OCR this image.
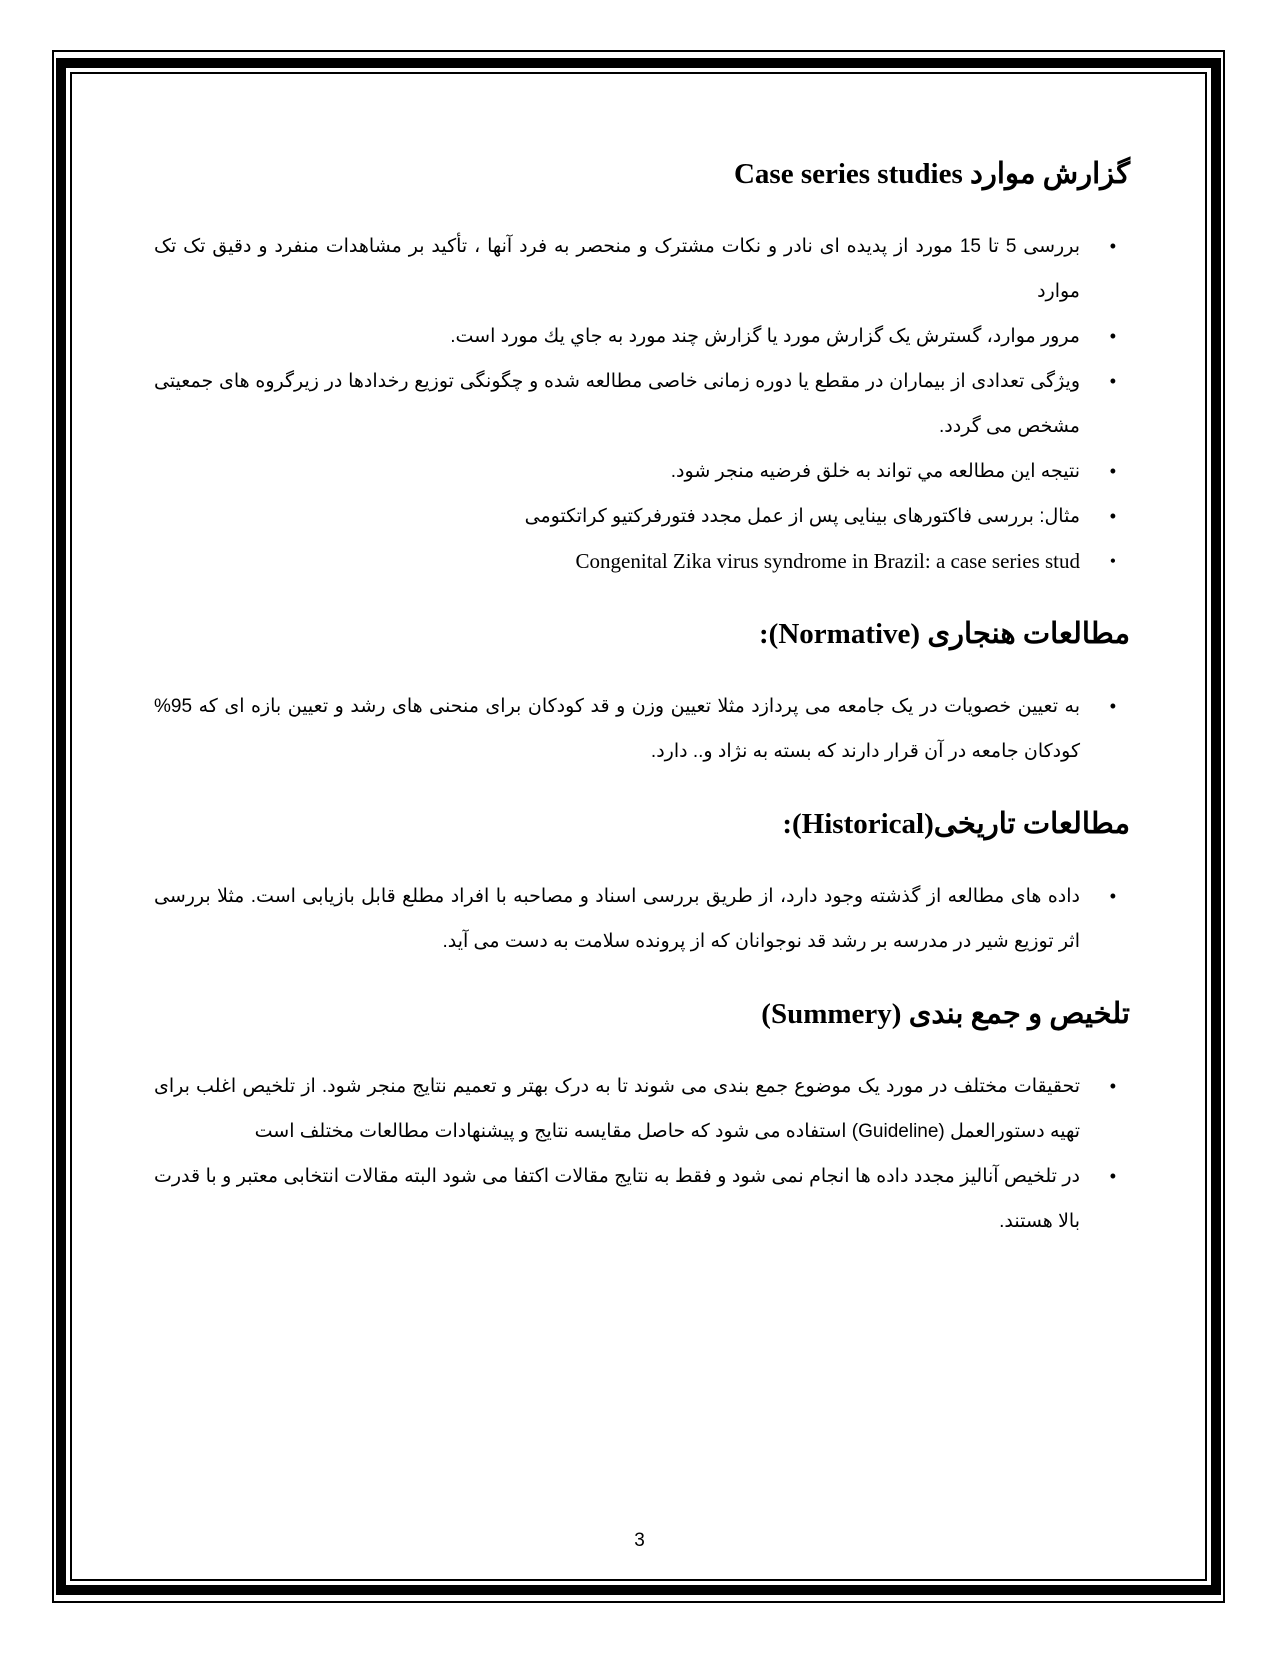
گزارش موارد Case series studies
•
بررسی 5 تا 15 مورد از پدیده ای نادر و نکات مشترک و منحصر به فرد آنها ، تأکید بر مشاهدات منفرد و دقیق تک تک موارد
•
مرور موارد، گسترش یک گزارش مورد یا گزارش چند مورد به جاي يك مورد است.
•
ویژگی تعدادی از بیماران در مقطع یا دوره زمانی خاصی مطالعه شده و چگونگی توزیع رخدادها در زیرگروه های جمعیتی مشخص می گردد.
•
نتيجه اين مطالعه مي تواند به خلق فرضیه منجر شود.
•
مثال: بررسی فاکتورهای بینایی پس از عمل مجدد فتورفرکتیو کراتکتومی
•
Congenital Zika virus syndrome in Brazil: a case series stud
مطالعات هنجاری (Normative):
•
به تعیین خصویات در یک جامعه می پردازد مثلا تعیین وزن و قد کودکان برای منحنی های رشد و تعیین بازه ای که 95% کودکان جامعه در آن قرار دارند که بسته به نژاد و.. دارد.
مطالعات تاریخی(Historical):
•
داده های مطالعه از گذشته وجود دارد، از طریق بررسی اسناد و مصاحبه با افراد مطلع قابل بازیابی است. مثلا بررسی اثر توزیع شیر در مدرسه بر رشد قد نوجوانان که از پرونده سلامت به دست می آید.
تلخیص و جمع بندی (Summery)
•
تحقیقات مختلف در مورد یک موضوع جمع بندی می شوند تا به درک بهتر و تعمیم نتایج منجر شود. از تلخیص اغلب برای تهیه دستورالعمل (Guideline) استفاده می شود که حاصل مقایسه نتایج و پیشنهادات مطالعات مختلف است
•
در تلخیص آنالیز مجدد داده ها انجام نمی شود و فقط به نتایج مقالات اکتفا می شود البته مقالات انتخابی معتبر و با قدرت بالا هستند.
3
